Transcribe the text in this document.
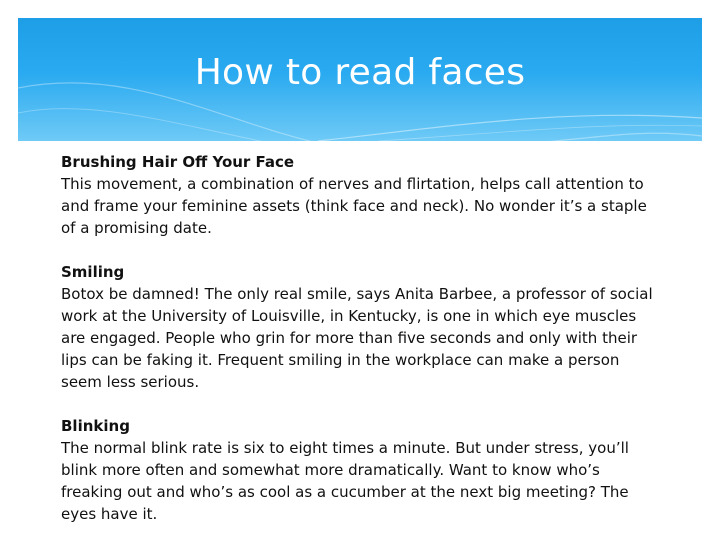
How to read faces
Brushing Hair Off Your Face
This movement, a combination of nerves and flirtation, helps call attention to and frame your feminine assets (think face and neck). No wonder it’s a staple of a promising date.
Smiling
Botox be damned! The only real smile, says Anita Barbee, a professor of social work at the University of Louisville, in Kentucky, is one in which eye muscles are engaged. People who grin for more than five seconds and only with their lips can be faking it. Frequent smiling in the workplace can make a person seem less serious.
Blinking
The normal blink rate is six to eight times a minute. But under stress, you’ll blink more often and somewhat more dramatically. Want to know who’s freaking out and who’s as cool as a cucumber at the next big meeting? The eyes have it.
